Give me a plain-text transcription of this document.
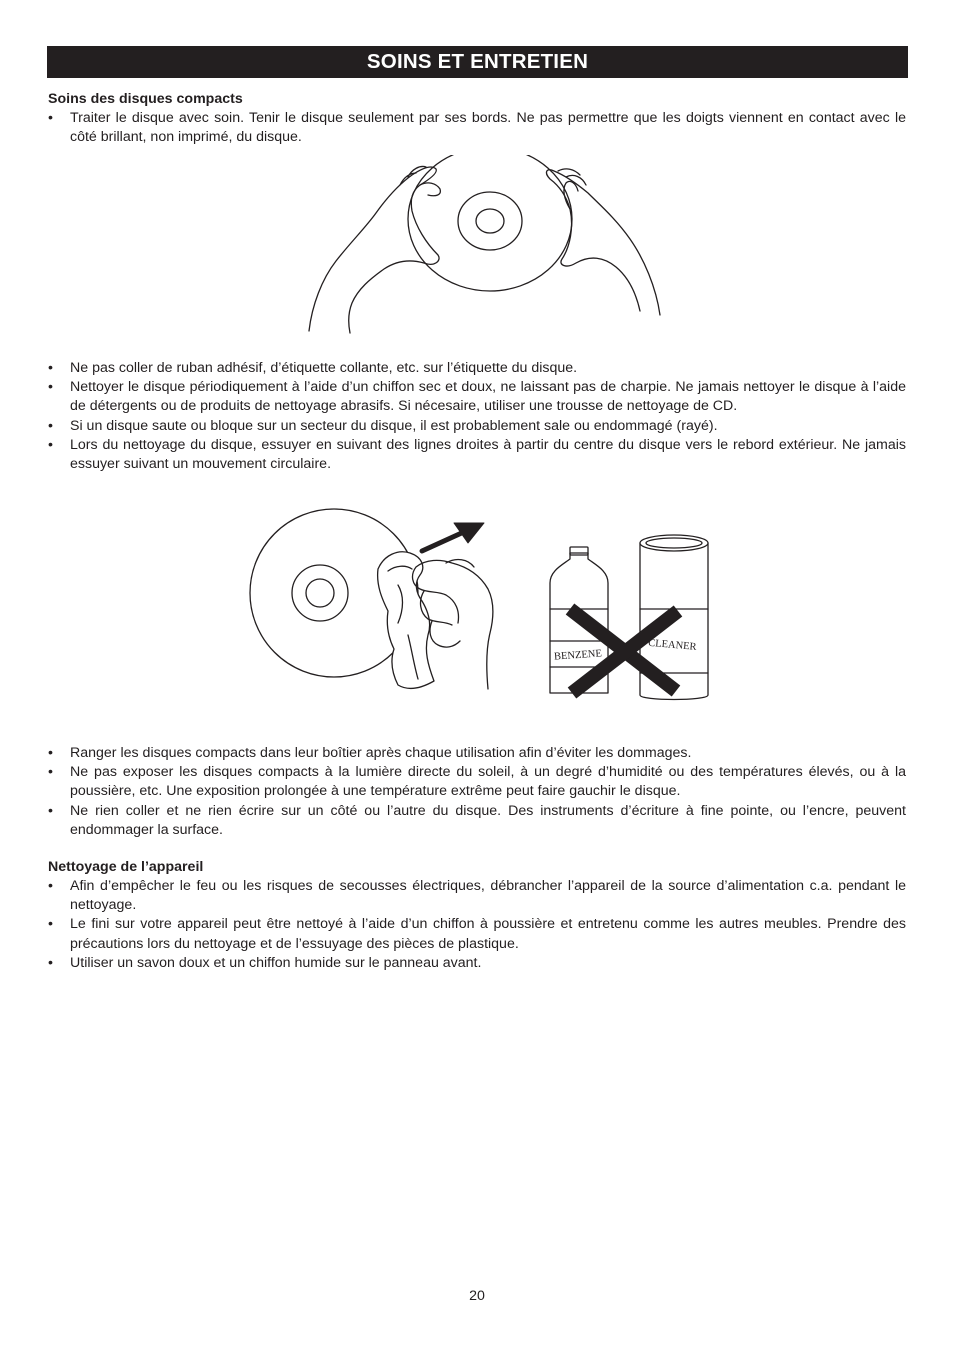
SOINS ET ENTRETIEN
Soins des disques compacts
• Traiter le disque avec soin. Tenir le disque seulement par ses bords. Ne pas permettre que les doigts viennent en contact avec le côté brillant, non imprimé, du disque.
• Ne pas coller de ruban adhésif, d’étiquette collante, etc. sur l’étiquette du disque.
• Nettoyer le disque périodiquement à l’aide d’un chiffon sec et doux, ne laissant pas de charpie. Ne jamais nettoyer le disque à l’aide de détergents ou de produits de nettoyage abrasifs. Si nécesaire, utiliser une trousse de nettoyage de CD.
• Si un disque saute ou bloque sur un secteur du disque, il est probablement sale ou endommagé (rayé).
• Lors du nettoyage du disque, essuyer en suivant des lignes droites à partir du centre du disque vers le rebord extérieur. Ne jamais essuyer suivant un mouvement circulaire.
BENZENE
CLEANER
• Ranger les disques compacts dans leur boîtier après chaque utilisation afin d’éviter les dommages.
• Ne pas exposer les disques compacts à la lumière directe du soleil, à un degré d’humidité ou des températures élevés, ou à la poussière, etc. Une exposition prolongée à une température extrême peut faire gauchir le disque.
• Ne rien coller et ne rien écrire sur un côté ou l’autre du disque. Des instruments d’écriture à fine pointe, ou l’encre, peuvent endommager la surface.
Nettoyage de l’appareil
• Afin d’empêcher le feu ou les risques de secousses électriques, débrancher l’appareil de la source d’alimentation c.a. pendant le nettoyage.
• Le fini sur votre appareil peut être nettoyé à l’aide d’un chiffon à poussière et entretenu comme les autres meubles. Prendre des précautions lors du nettoyage et de l’essuyage des pièces de plastique.
• Utiliser un savon doux et un chiffon humide sur le panneau avant.
20
